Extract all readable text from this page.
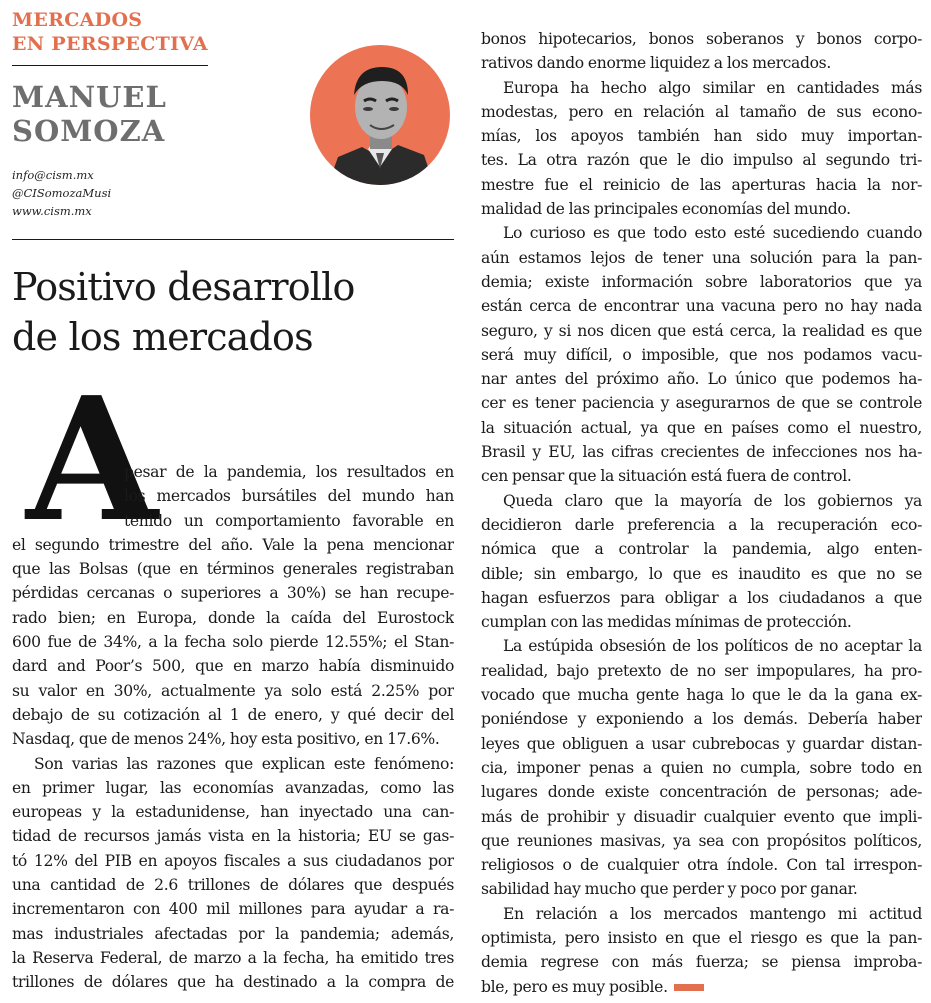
MERCADOS
EN PERSPECTIVA
MANUEL
SOMOZA
info@cism.mx
@CISomozaMusi
www.cism.mx
Positivo desarrollo
de los mercados
A
pesar de la pandemia, los resultados en
los mercados bursátiles del mundo han
tenido un comportamiento favorable en
el segundo trimestre del año. Vale la pena mencionar
que las Bolsas (que en términos generales registraban
pérdidas cercanas o superiores a 30%) se han recupe-
rado bien; en Europa, donde la caída del Eurostock
600 fue de 34%, a la fecha solo pierde 12.55%; el Stan-
dard and Poor’s 500, que en marzo había disminuido
su valor en 30%, actualmente ya solo está 2.25% por
debajo de su cotización al 1 de enero, y qué decir del
Nasdaq, que de menos 24%, hoy esta positivo, en 17.6%.
Son varias las razones que explican este fenómeno:
en primer lugar, las economías avanzadas, como las
europeas y la estadunidense, han inyectado una can-
tidad de recursos jamás vista en la historia; EU se gas-
tó 12% del PIB en apoyos fiscales a sus ciudadanos por
una cantidad de 2.6 trillones de dólares que después
incrementaron con 400 mil millones para ayudar a ra-
mas industriales afectadas por la pandemia; además,
la Reserva Federal, de marzo a la fecha, ha emitido tres
trillones de dólares que ha destinado a la compra de
bonos hipotecarios, bonos soberanos y bonos corpo-
rativos dando enorme liquidez a los mercados.
Europa ha hecho algo similar en cantidades más
modestas, pero en relación al tamaño de sus econo-
mías, los apoyos también han sido muy importan-
tes. La otra razón que le dio impulso al segundo tri-
mestre fue el reinicio de las aperturas hacia la nor-
malidad de las principales economías del mundo.
Lo curioso es que todo esto esté sucediendo cuando
aún estamos lejos de tener una solución para la pan-
demia; existe información sobre laboratorios que ya
están cerca de encontrar una vacuna pero no hay nada
seguro, y si nos dicen que está cerca, la realidad es que
será muy difícil, o imposible, que nos podamos vacu-
nar antes del próximo año. Lo único que podemos ha-
cer es tener paciencia y asegurarnos de que se controle
la situación actual, ya que en países como el nuestro,
Brasil y EU, las cifras crecientes de infecciones nos ha-
cen pensar que la situación está fuera de control.
Queda claro que la mayoría de los gobiernos ya
decidieron darle preferencia a la recuperación eco-
nómica que a controlar la pandemia, algo enten-
dible; sin embargo, lo que es inaudito es que no se
hagan esfuerzos para obligar a los ciudadanos a que
cumplan con las medidas mínimas de protección.
La estúpida obsesión de los políticos de no aceptar la
realidad, bajo pretexto de no ser impopulares, ha pro-
vocado que mucha gente haga lo que le da la gana ex-
poniéndose y exponiendo a los demás. Debería haber
leyes que obliguen a usar cubrebocas y guardar distan-
cia, imponer penas a quien no cumpla, sobre todo en
lugares donde existe concentración de personas; ade-
más de prohibir y disuadir cualquier evento que impli-
que reuniones masivas, ya sea con propósitos políticos,
religiosos o de cualquier otra índole. Con tal irrespon-
sabilidad hay mucho que perder y poco por ganar.
En relación a los mercados mantengo mi actitud
optimista, pero insisto en que el riesgo es que la pan-
demia regrese con más fuerza; se piensa improba-
ble, pero es muy posible.
